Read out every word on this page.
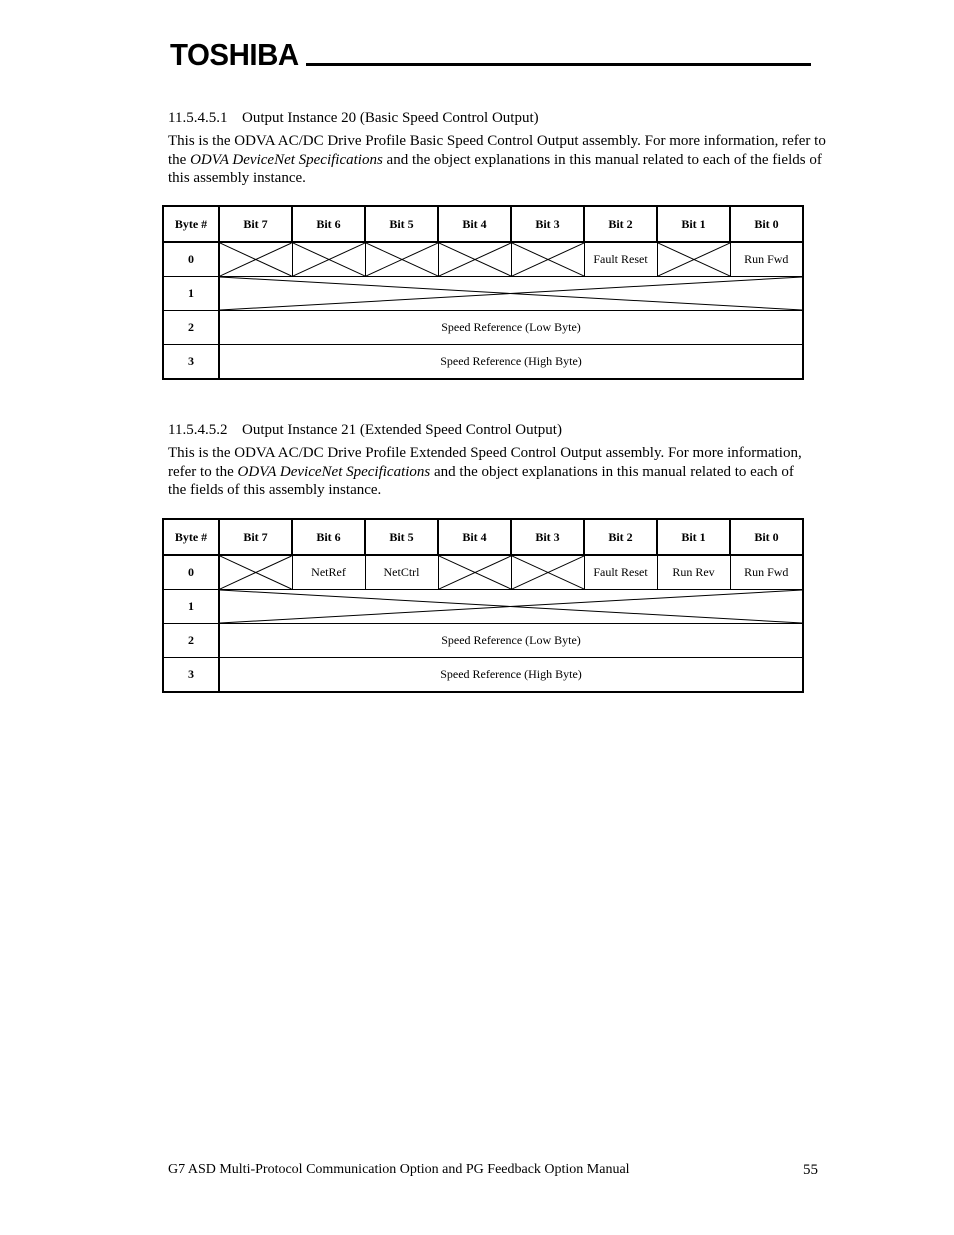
TOSHIBA
11.5.4.5.1 Output Instance 20 (Basic Speed Control Output)
This is the ODVA AC/DC Drive Profile Basic Speed Control Output assembly. For more information, refer to the ODVA DeviceNet Specifications and the object explanations in this manual related to each of the fields of this assembly instance.
Byte #	Bit 7	Bit 6	Bit 5	Bit 4	Bit 3	Bit 2	Bit 1	Bit 0
0						Fault Reset		Run Fwd
1	

2	Speed Reference (Low Byte)							
3	Speed Reference (High Byte)							
11.5.4.5.2 Output Instance 21 (Extended Speed Control Output)
This is the ODVA AC/DC Drive Profile Extended Speed Control Output assembly. For more information, refer to the ODVA DeviceNet Specifications and the object explanations in this manual related to each of the fields of this assembly instance.
Byte #	Bit 7	Bit 6	Bit 5	Bit 4	Bit 3	Bit 2	Bit 1	Bit 0
0		NetRef	NetCtrl			Fault Reset	Run Rev	Run Fwd
1	

2	Speed Reference (Low Byte)							
3	Speed Reference (High Byte)							
G7 ASD Multi-Protocol Communication Option and PG Feedback Option Manual	55
